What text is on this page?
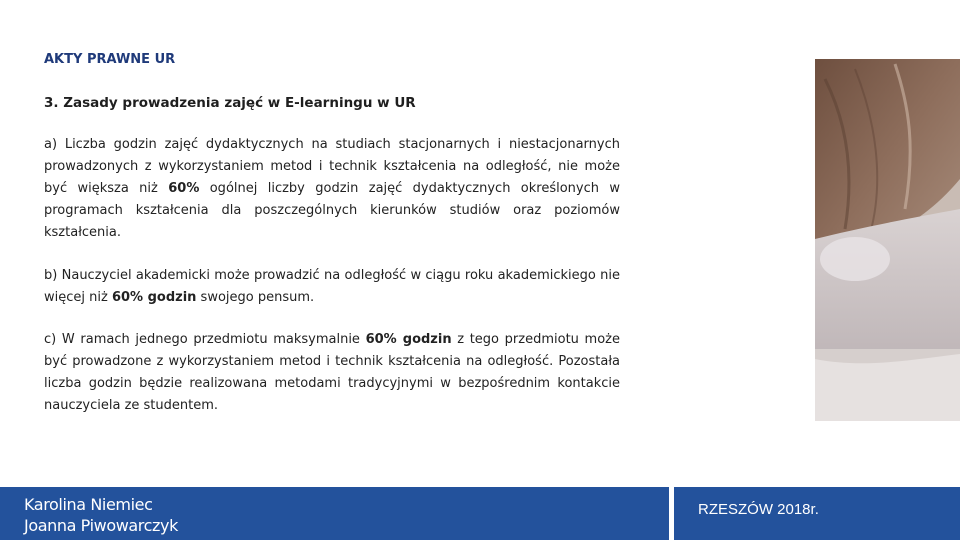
AKTY PRAWNE UR
3. Zasady prowadzenia zajęć w E-learningu w UR
a) Liczba godzin zajęć dydaktycznych na studiach stacjonarnych i niestacjonarnych prowadzonych z wykorzystaniem metod i technik kształcenia na odległość, nie może być większa niż 60% ogólnej liczby godzin zajęć dydaktycznych określonych w programach kształcenia dla poszczególnych kierunków studiów oraz poziomów kształcenia.
b) Nauczyciel akademicki może prowadzić na odległość w ciągu roku akademickiego nie więcej niż 60% godzin swojego pensum.
c) W ramach jednego przedmiotu maksymalnie 60% godzin z tego przedmiotu może być prowadzone z wykorzystaniem metod i technik kształcenia na odległość. Pozostała liczba godzin będzie realizowana metodami tradycyjnymi w bezpośrednim kontakcie nauczyciela ze studentem.
Karolina Niemiec
Joanna Piwowarczyk
RZESZÓW 2018r.
